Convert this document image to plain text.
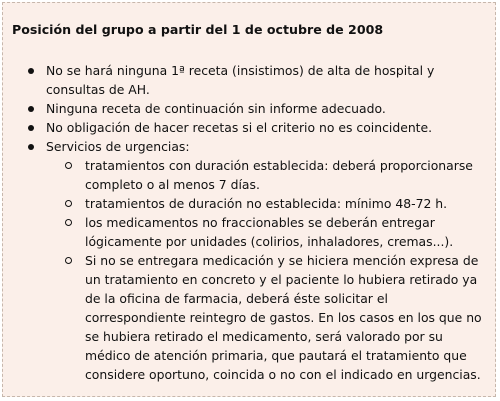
Posición del grupo a partir del 1 de octubre de 2008
No se hará ninguna 1ª receta (insistimos) de alta de hospital y consultas de AH.
Ninguna receta de continuación sin informe adecuado.
No obligación de hacer recetas si el criterio no es coincidente.
Servicios de urgencias:
tratamientos con duración establecida: deberá proporcionarse completo o al menos 7 días.
tratamientos de duración no establecida: mínimo 48-72 h.
los medicamentos no fraccionables se deberán entregar lógicamente por unidades (colirios, inhaladores, cremas...).
Si no se entregara medicación y se hiciera mención expresa de un tratamiento en concreto y el paciente lo hubiera retirado ya de la oficina de farmacia, deberá éste solicitar el correspondiente reintegro de gastos. En los casos en los que no se hubiera retirado el medicamento, será valorado por su médico de atención primaria, que pautará el tratamiento que considere oportuno, coincida o no con el indicado en urgencias.
